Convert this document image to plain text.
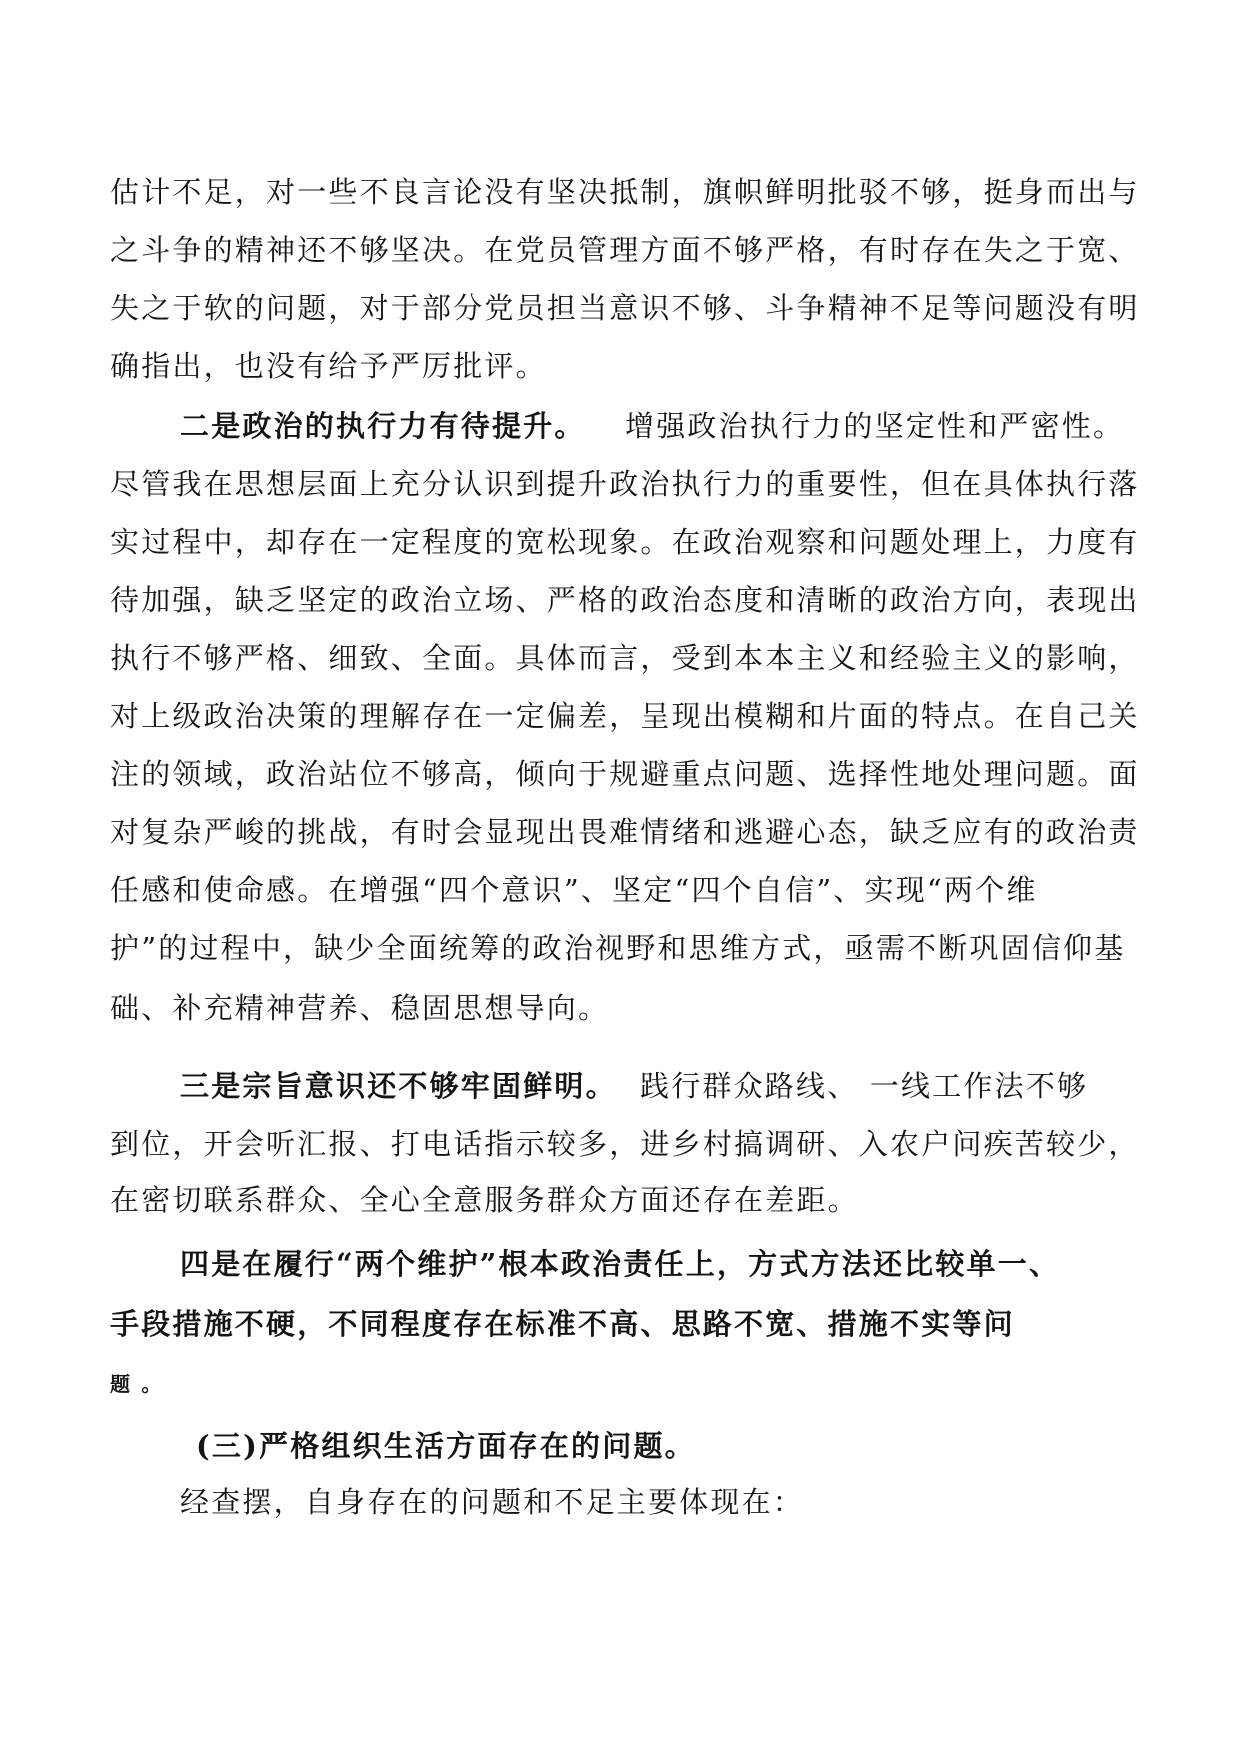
估计不足，对一些不良言论没有坚决抵制，旗帜鲜明批驳不够，挺身而出与
之斗争的精神还不够坚决。在党员管理方面不够严格，有时存在失之于宽、
失之于软的问题，对于部分党员担当意识不够、斗争精神不足等问题没有明
确指出，也没有给予严厉批评。
二是政治的执行力有待提升。 增强政治执行力的坚定性和严密性。
尽管我在思想层面上充分认识到提升政治执行力的重要性，但在具体执行落
实过程中，却存在一定程度的宽松现象。在政治观察和问题处理上，力度有
待加强，缺乏坚定的政治立场、严格的政治态度和清晰的政治方向，表现出
执行不够严格、细致、全面。具体而言，受到本本主义和经验主义的影响，
对上级政治决策的理解存在一定偏差，呈现出模糊和片面的特点。在自己关
注的领域，政治站位不够高，倾向于规避重点问题、选择性地处理问题。面
对复杂严峻的挑战，有时会显现出畏难情绪和逃避心态，缺乏应有的政治责
任感和使命感。在增强“四个意识”、坚定“四个自信”、实现“两个维
护”的过程中，缺少全面统筹的政治视野和思维方式，亟需不断巩固信仰基
础、补充精神营养、稳固思想导向。
三是宗旨意识还不够牢固鲜明。 践行群众路线、 一线工作法不够
到位，开会听汇报、打电话指示较多，进乡村搞调研、入农户问疾苦较少，
在密切联系群众、全心全意服务群众方面还存在差距。
四是在履行“两个维护”根本政治责任上，方式方法还比较单一、
手段措施不硬，不同程度存在标准不高、思路不宽、措施不实等问
题 。
(三)严格组织生活方面存在的问题。
经查摆，自身存在的问题和不足主要体现在：
